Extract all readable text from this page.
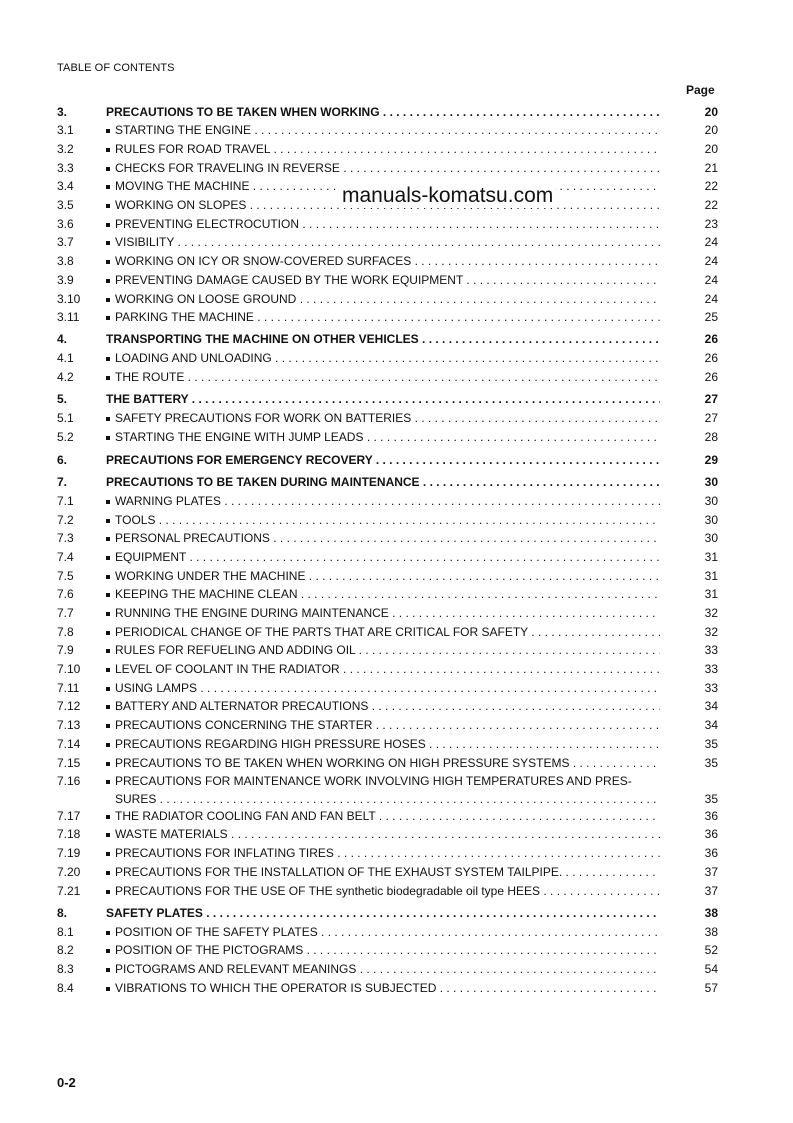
TABLE OF CONTENTS
Page
manuals-komatsu.com
3.	PRECAUTIONS TO BE TAKEN WHEN WORKING . . .	20
3.1	STARTING THE ENGINE . . .	20
3.2	RULES FOR ROAD TRAVEL . . .	20
3.3	CHECKS FOR TRAVELING IN REVERSE . . .	21
3.4	MOVING THE MACHINE . . .	22
3.5	WORKING ON SLOPES . . .	22
3.6	PREVENTING ELECTROCUTION . . .	23
3.7	VISIBILITY . . .	24
3.8	WORKING ON ICY OR SNOW-COVERED SURFACES . . .	24
3.9	PREVENTING DAMAGE CAUSED BY THE WORK EQUIPMENT . . .	24
3.10	WORKING ON LOOSE GROUND . . .	24
3.11	PARKING THE MACHINE . . .	25
4.	TRANSPORTING THE MACHINE ON OTHER VEHICLES . . .	26
4.1	LOADING AND UNLOADING . . .	26
4.2	THE ROUTE . . .	26
5.	THE BATTERY . . .	27
5.1	SAFETY PRECAUTIONS FOR WORK ON BATTERIES . . .	27
5.2	STARTING THE ENGINE WITH JUMP LEADS . . .	28
6.	PRECAUTIONS FOR EMERGENCY RECOVERY . . .	29
7.	PRECAUTIONS TO BE TAKEN DURING MAINTENANCE . . .	30
7.1	WARNING PLATES . . .	30
7.2	TOOLS . . .	30
7.3	PERSONAL PRECAUTIONS . . .	30
7.4	EQUIPMENT . . .	31
7.5	WORKING UNDER THE MACHINE . . .	31
7.6	KEEPING THE MACHINE CLEAN . . .	31
7.7	RUNNING THE ENGINE DURING MAINTENANCE . . .	32
7.8	PERIODICAL CHANGE OF THE PARTS THAT ARE CRITICAL FOR SAFETY . . .	32
7.9	RULES FOR REFUELING AND ADDING OIL . . .	33
7.10	LEVEL OF COOLANT IN THE RADIATOR . . .	33
7.11	USING LAMPS . . .	33
7.12	BATTERY AND ALTERNATOR PRECAUTIONS . . .	34
7.13	PRECAUTIONS CONCERNING THE STARTER . . .	34
7.14	PRECAUTIONS REGARDING HIGH PRESSURE HOSES . . .	35
7.15	PRECAUTIONS TO BE TAKEN WHEN WORKING ON HIGH PRESSURE SYSTEMS . . .	35
7.16	PRECAUTIONS FOR MAINTENANCE WORK INVOLVING HIGH TEMPERATURES AND PRES-
SURES . . .	35
7.17	THE RADIATOR COOLING FAN AND FAN BELT . . .	36
7.18	WASTE MATERIALS . . .	36
7.19	PRECAUTIONS FOR INFLATING TIRES . . .	36
7.20	PRECAUTIONS FOR THE INSTALLATION OF THE EXHAUST SYSTEM TAILPIPE. . . .	37
7.21	PRECAUTIONS FOR THE USE OF THE synthetic biodegradable oil type HEES . . .	37
8.	SAFETY PLATES . . .	38
8.1	POSITION OF THE SAFETY PLATES . . .	38
8.2	POSITION OF THE PICTOGRAMS . . .	52
8.3	PICTOGRAMS AND RELEVANT MEANINGS . . .	54
8.4	VIBRATIONS TO WHICH THE OPERATOR IS SUBJECTED . . .	57
0-2
